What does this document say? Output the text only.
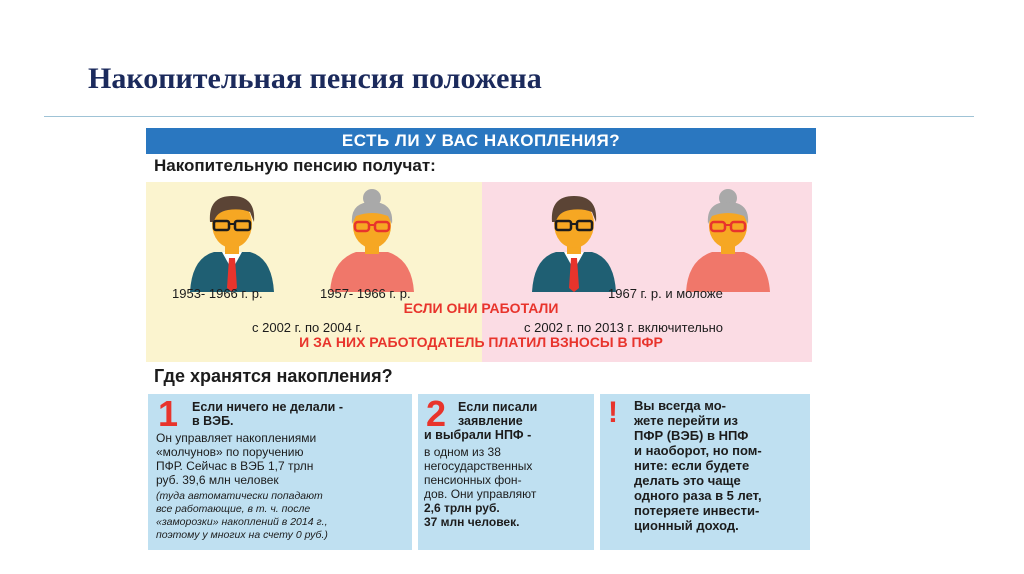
Накопительная пенсия положена
ЕСТЬ ЛИ У ВАС НАКОПЛЕНИЯ?
Накопительную пенсию получат:
1953- 1966 г. р.	1957- 1966 г. р.	1967 г. р. и моложе
ЕСЛИ ОНИ РАБОТАЛИ
с 2002 г. по 2004 г.	с 2002 г. по 2013 г. включительно
И ЗА НИХ РАБОТОДАТЕЛЬ ПЛАТИЛ ВЗНОСЫ В ПФР
Где хранятся накопления?
1 Если ничего не делали -
в ВЭБ.
Он управляет накоплениями
«молчунов» по поручению
ПФР. Сейчас в ВЭБ 1,7 трлн
руб. 39,6 млн человек
(туда автоматически попадают
все работающие, в т. ч. после
«заморозки» накоплений в 2014 г.,
поэтому у многих на счету 0 руб.)
2 Если писали
заявление
и выбрали НПФ -
в одном из 38
негосударственных
пенсионных фон-
дов. Они управляют
2,6 трлн руб.
37 млн человек.
! Вы всегда мо-
жете перейти из
ПФР (ВЭБ) в НПФ
и наоборот, но пом-
ните: если будете
делать это чаще
одного раза в 5 лет,
потеряете инвести-
ционный доход.
